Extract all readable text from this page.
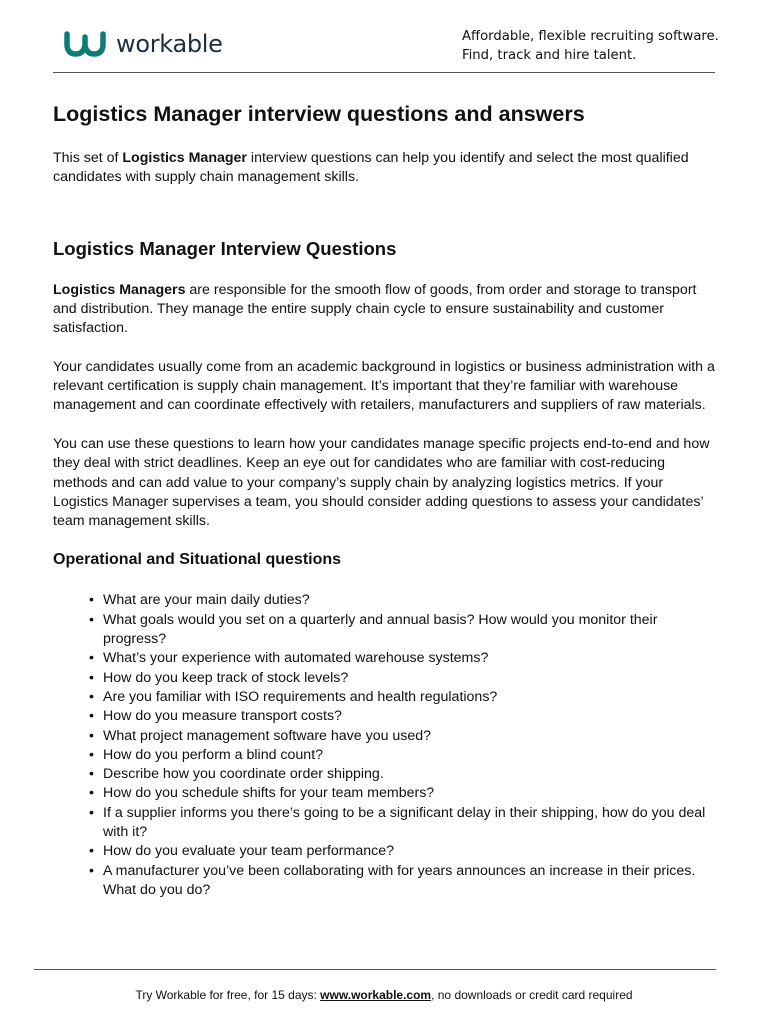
workable	Affordable, flexible recruiting software.
Find, track and hire talent.
Logistics Manager interview questions and answers

This set of Logistics Manager interview questions can help you identify and select the most qualified candidates with supply chain management skills.

Logistics Manager Interview Questions

Logistics Managers are responsible for the smooth flow of goods, from order and storage to transport and distribution. They manage the entire supply chain cycle to ensure sustainability and customer satisfaction.

Your candidates usually come from an academic background in logistics or business administration with a relevant certification is supply chain management. It’s important that they’re familiar with warehouse management and can coordinate effectively with retailers, manufacturers and suppliers of raw materials.

You can use these questions to learn how your candidates manage specific projects end-to-end and how they deal with strict deadlines. Keep an eye out for candidates who are familiar with cost-reducing methods and can add value to your company’s supply chain by analyzing logistics metrics. If your Logistics Manager supervises a team, you should consider adding questions to assess your candidates’ team management skills.

Operational and Situational questions
• What are your main daily duties?
• What goals would you set on a quarterly and annual basis? How would you monitor their progress?
• What’s your experience with automated warehouse systems?
• How do you keep track of stock levels?
• Are you familiar with ISO requirements and health regulations?
• How do you measure transport costs?
• What project management software have you used?
• How do you perform a blind count?
• Describe how you coordinate order shipping.
• How do you schedule shifts for your team members?
• If a supplier informs you there’s going to be a significant delay in their shipping, how do you deal with it?
• How do you evaluate your team performance?
• A manufacturer you’ve been collaborating with for years announces an increase in their prices. What do you do?
Try Workable for free, for 15 days: www.workable.com, no downloads or credit card required
